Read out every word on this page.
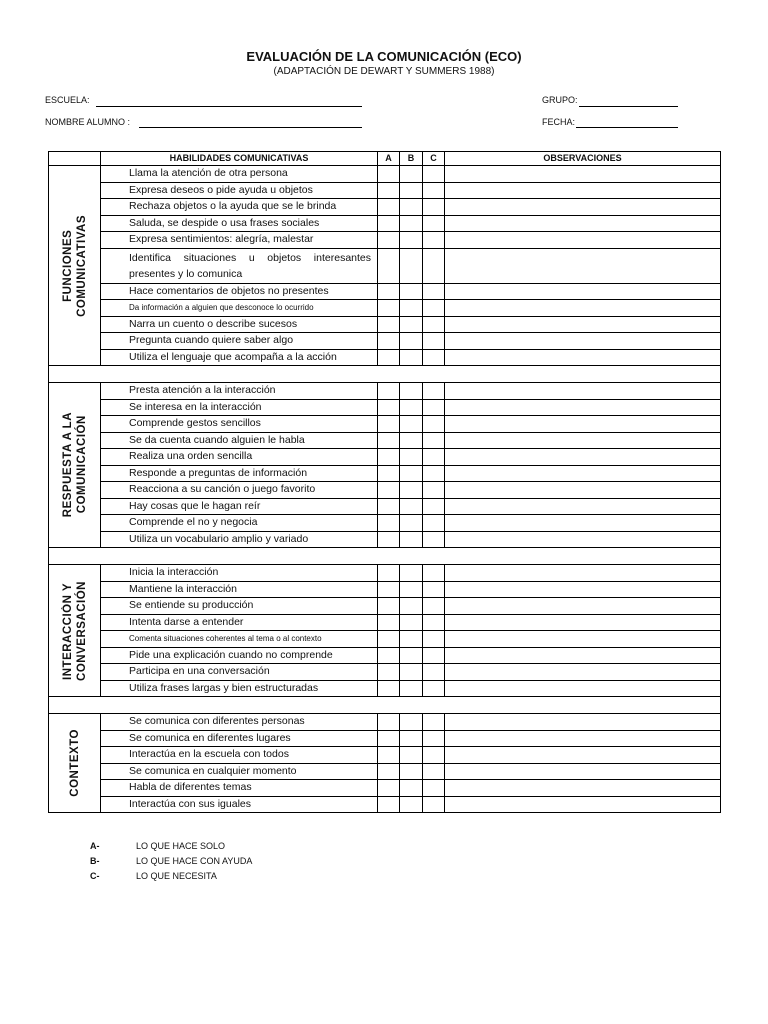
EVALUACIÓN DE LA COMUNICACIÓN (ECO)
(ADAPTACIÓN DE DEWART Y SUMMERS 1988)
ESCUELA:	GRUPO:
NOMBRE ALUMNO :	FECHA:
	HABILIDADES COMUNICATIVAS	A	B	C	OBSERVACIONES

FUNCIONES COMUNICATIVAS	Llama la atención de otra persona				
	Expresa deseos o pide ayuda u objetos				
	Rechaza objetos o la ayuda que se le brinda				
	Saluda, se despide o usa frases sociales				
	Expresa sentimientos: alegría, malestar				
	Identifica situaciones u objetos interesantes presentes y lo comunica				
	Hace comentarios de objetos no presentes				
	Da información a alguien que desconoce lo ocurrido				
	Narra un cuento o describe sucesos				
	Pregunta cuando quiere saber algo				
	Utiliza el lenguaje que acompaña a la acción				

RESPUESTA A LA COMUNICACIÓN	Presta atención a la interacción				
	Se interesa en la interacción				
	Comprende gestos sencillos				
	Se da cuenta cuando alguien le habla				
	Realiza una orden sencilla				
	Responde a preguntas de información				
	Reacciona a su canción o juego favorito				
	Hay cosas que le hagan reír				
	Comprende el no y negocia				
	Utiliza un vocabulario amplio y variado				

INTERACCIÓN Y CONVERSACIÓN	Inicia la interacción				
	Mantiene la interacción				
	Se entiende su producción				
	Intenta darse a entender				
	Comenta situaciones coherentes al tema o al contexto				
	Pide una explicación cuando no comprende				
	Participa en una conversación				
	Utiliza frases largas y bien estructuradas				

CONTEXTO	Se comunica con diferentes personas				
	Se comunica en diferentes lugares				
	Interactúa en la escuela con todos				
	Se comunica en cualquier momento				
	Habla de diferentes temas				
	Interactúa con sus iguales				
A-	LO QUE HACE SOLO
B-	LO QUE HACE CON AYUDA
C-	LO QUE NECESITA
